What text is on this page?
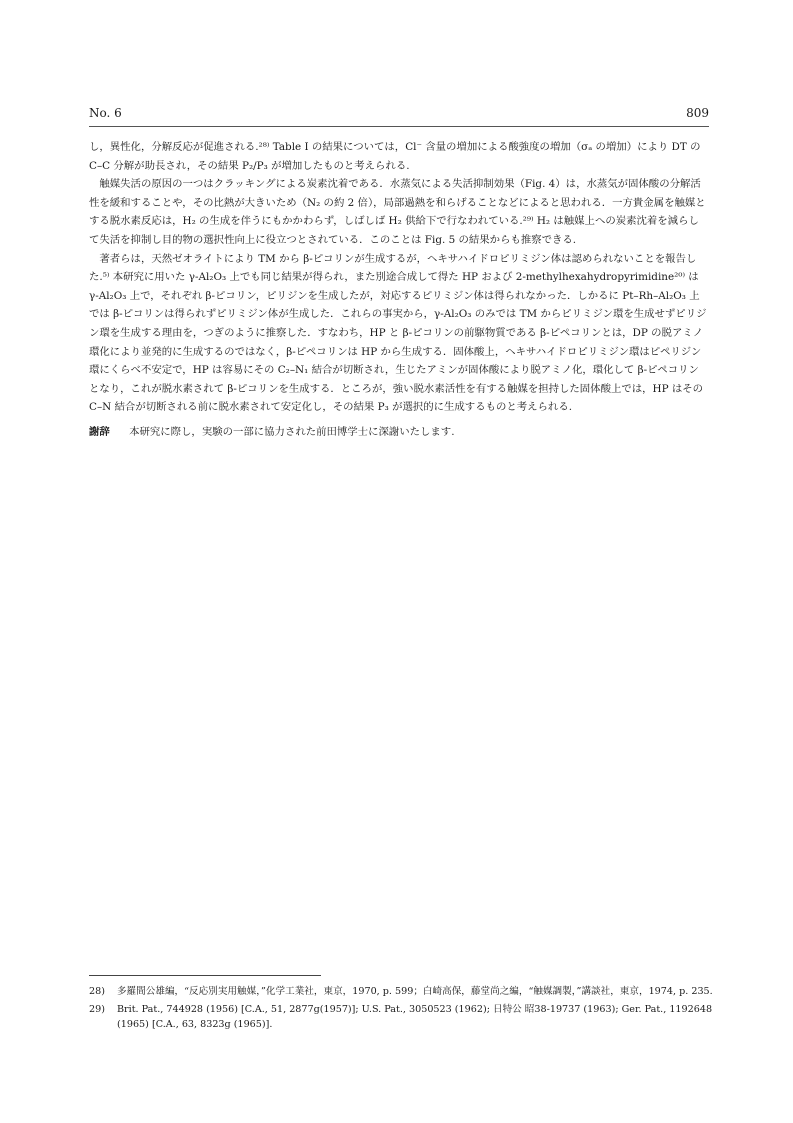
No. 6	809

し，異性化，分解反応が促進される.²⁸⁾ Table I の結果については，Cl⁻ 含量の増加による酸強度の増加（σₐ の増加）により DT の C–C 分解が助長され，その結果 P₂/P₃ が増加したものと考えられる.

触媒失活の原因の一つはクラッキングによる炭素沈着である．水蒸気による失活抑制効果（Fig. 4）は，水蒸気が固体酸の分解活性を緩和することや，その比熱が大きいため（N₂ の約 2 倍），局部過熱を和らげることなどによると思われる．一方貴金属を触媒とする脱水素反応は，H₂ の生成を伴うにもかかわらず，しばしば H₂ 供給下で行なわれている.²⁹⁾ H₂ は触媒上への炭素沈着を減らして失活を抑制し目的物の選択性向上に役立つとされている．このことは Fig. 5 の結果からも推察できる.

著者らは，天然ゼオライトにより TM から β-ピコリンが生成するが，ヘキサハイドロピリミジン体は認められないことを報告した.⁵⁾ 本研究に用いた γ-Al₂O₃ 上でも同じ結果が得られ，また別途合成して得た HP および 2-methylhexahydropyrimidine²⁰⁾ は γ-Al₂O₃ 上で，それぞれ β-ピコリン，ピリジンを生成したが，対応するピリミジン体は得られなかった．しかるに Pt–Rh–Al₂O₃ 上では β-ピコリンは得られずピリミジン体が生成した．これらの事実から，γ-Al₂O₃ のみでは TM からピリミジン環を生成せずピリジン環を生成する理由を，つぎのように推察した．すなわち，HP と β-ピコリンの前駆物質である β-ピペコリンとは，DP の脱アミノ環化により並発的に生成するのではなく，β-ピペコリンは HP から生成する．固体酸上，ヘキサハイドロピリミジン環はピペリジン環にくらべ不安定で，HP は容易にその C₂–N₁ 結合が切断され，生じたアミンが固体酸により脱アミノ化，環化して β-ピペコリンとなり，これが脱水素されて β-ピコリンを生成する．ところが，強い脱水素活性を有する触媒を担持した固体酸上では，HP はその C–N 結合が切断される前に脱水素されて安定化し，その結果 P₃ が選択的に生成するものと考えられる.

謝辞 本研究に際し，実験の一部に協力された前田博学士に深謝いたします.

28)	多羅間公雄編，“反応別実用触媒，”化学工業社，東京，1970, p. 599；白崎高保，藤堂尚之編，“触媒調製，”講談社，東京，1974, p. 235.
29)	Brit. Pat., 744928 (1956) [C.A., 51, 2877g(1957)]; U.S. Pat., 3050523 (1962); 日特公 昭38-19737 (1963); Ger. Pat., 1192648 (1965) [C.A., 63, 8323g (1965)].
